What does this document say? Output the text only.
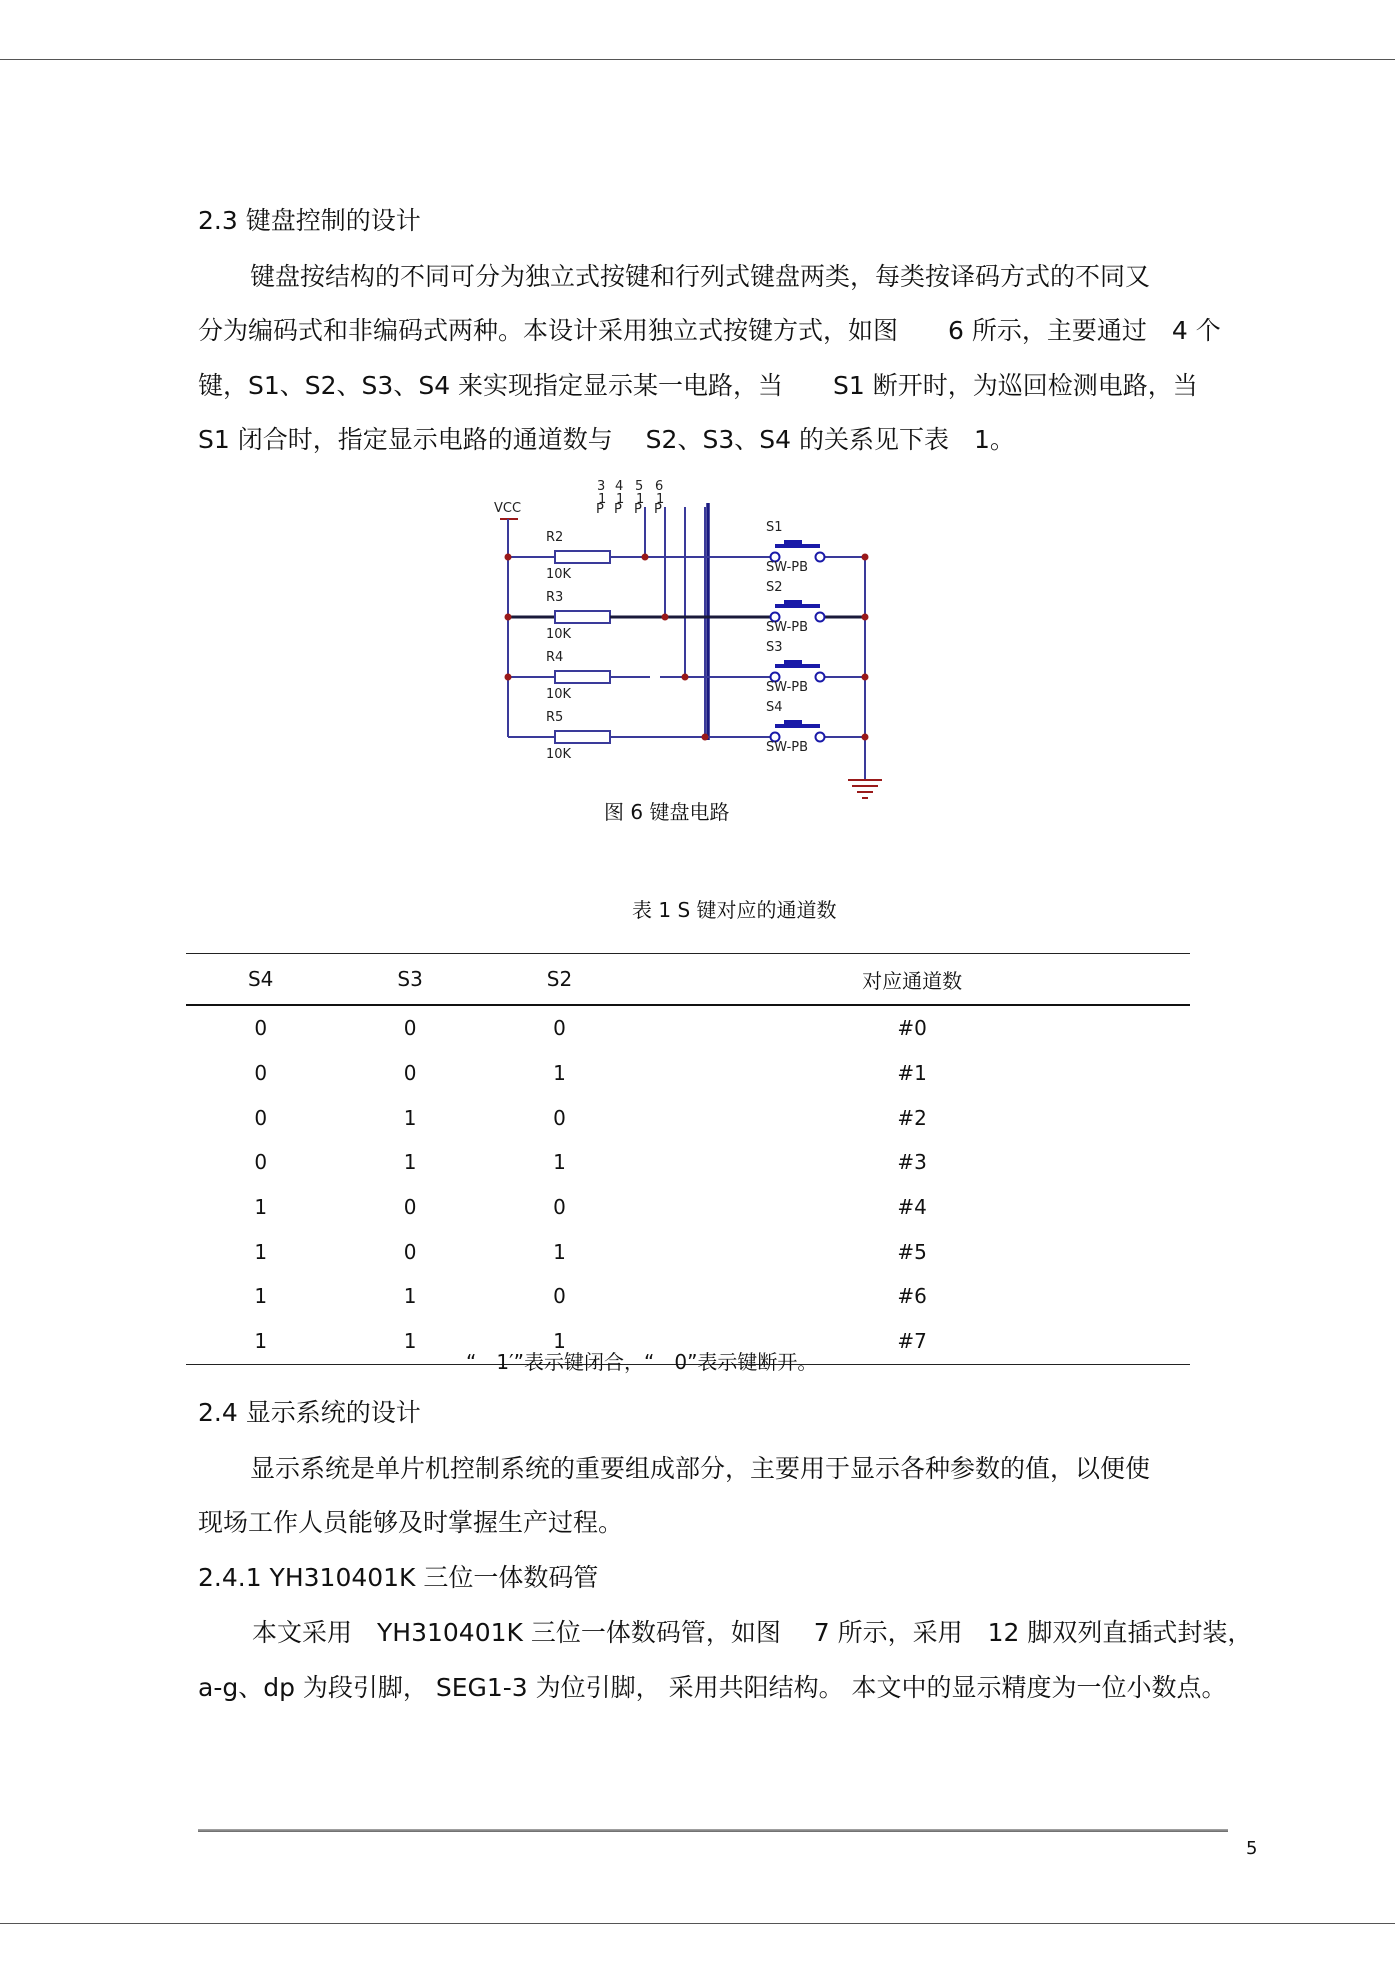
2.3 键盘控制的设计
键盘按结构的不同可分为独立式按键和行列式键盘两类，每类按译码方式的不同又
分为编码式和非编码式两种。本设计采用独立式按键方式，如图　　6 所示，主要通过　4 个
键，S1、S2、S3、S4 来实现指定显示某一电路，当　　S1 断开时，为巡回检测电路，当
S1 闭合时，指定显示电路的通道数与　 S2、S3、S4 的关系见下表　1。
3 4 5 6
1 1 1 1
P P P P
VCC
R2
10K
S1
SW-PB
R3
10K
S2
SW-PB
R4
10K
S3
SW-PB
R5
10K
S4
SW-PB
图 6 键盘电路
表 1 S 键对应的通道数
S4	S3	S2	对应通道数
0	0	0	#0
0	0	1	#1
0	1	0	#2
0	1	1	#3
1	0	0	#4
1	0	1	#5
1	1	0	#6
1	1	1	#7
“　1′”表示键闭合，“　0”表示键断开。
2.4 显示系统的设计
显示系统是单片机控制系统的重要组成部分，主要用于显示各种参数的值，以便使
现场工作人员能够及时掌握生产过程。
2.4.1 YH310401K 三位一体数码管
本文采用　YH310401K 三位一体数码管，如图　 7 所示，采用　12 脚双列直插式封装，
a-g、dp 为段引脚， SEG1-3 为位引脚， 采用共阳结构。 本文中的显示精度为一位小数点。
5
